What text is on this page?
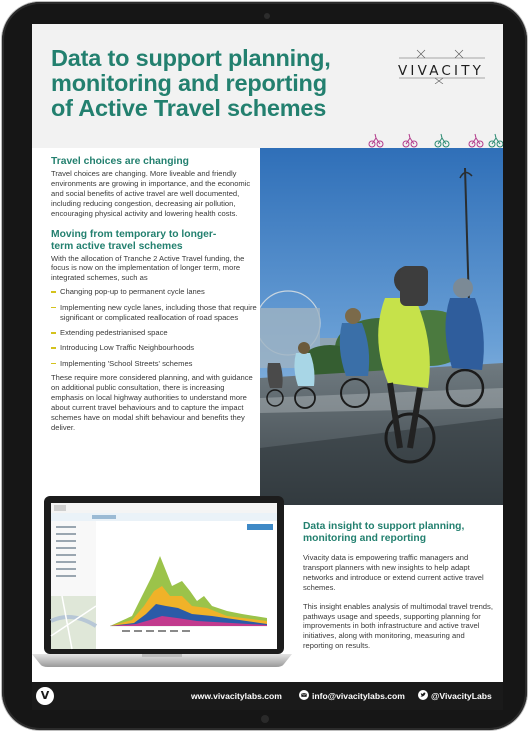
Data to support planning, monitoring and reporting of Active Travel schemes
VIVACITY
Travel choices are changing
Travel choices are changing. More liveable and friendly environments are growing in importance, and the economic and social benefits of active travel are well documented, including reducing congestion, decreasing air pollution, encouraging physical activity and lowering health costs.
Moving from temporary to longer-term active travel schemes
With the allocation of Tranche 2 Active Travel funding, the focus is now on the implementation of longer term, more integrated schemes, such as
Changing pop-up to permanent cycle lanes
Implementing new cycle lanes, including those that require significant or complicated reallocation of road spaces
Extending pedestrianised space
Introducing Low Traffic Neighbourhoods
Implementing 'School Streets' schemes
These require more considered planning, and with guidance on additional public consultation, there is increasing emphasis on local highway authorities to understand more about current travel behaviours and to capture the impact schemes have on modal shift behaviour and benefits they deliver.
Data insight to support planning, monitoring and reporting

Vivacity data is empowering traffic managers and transport planners with new insights to help adapt networks and introduce or extend current active travel schemes.

This insight enables analysis of multimodal travel trends, pathways usage and speeds, supporting planning for improvements in both infrastructure and active travel initiatives, along with monitoring, measuring and reporting on results.

V	www.vivacitylabs.com	info@vivacitylabs.com	@VivacityLabs
